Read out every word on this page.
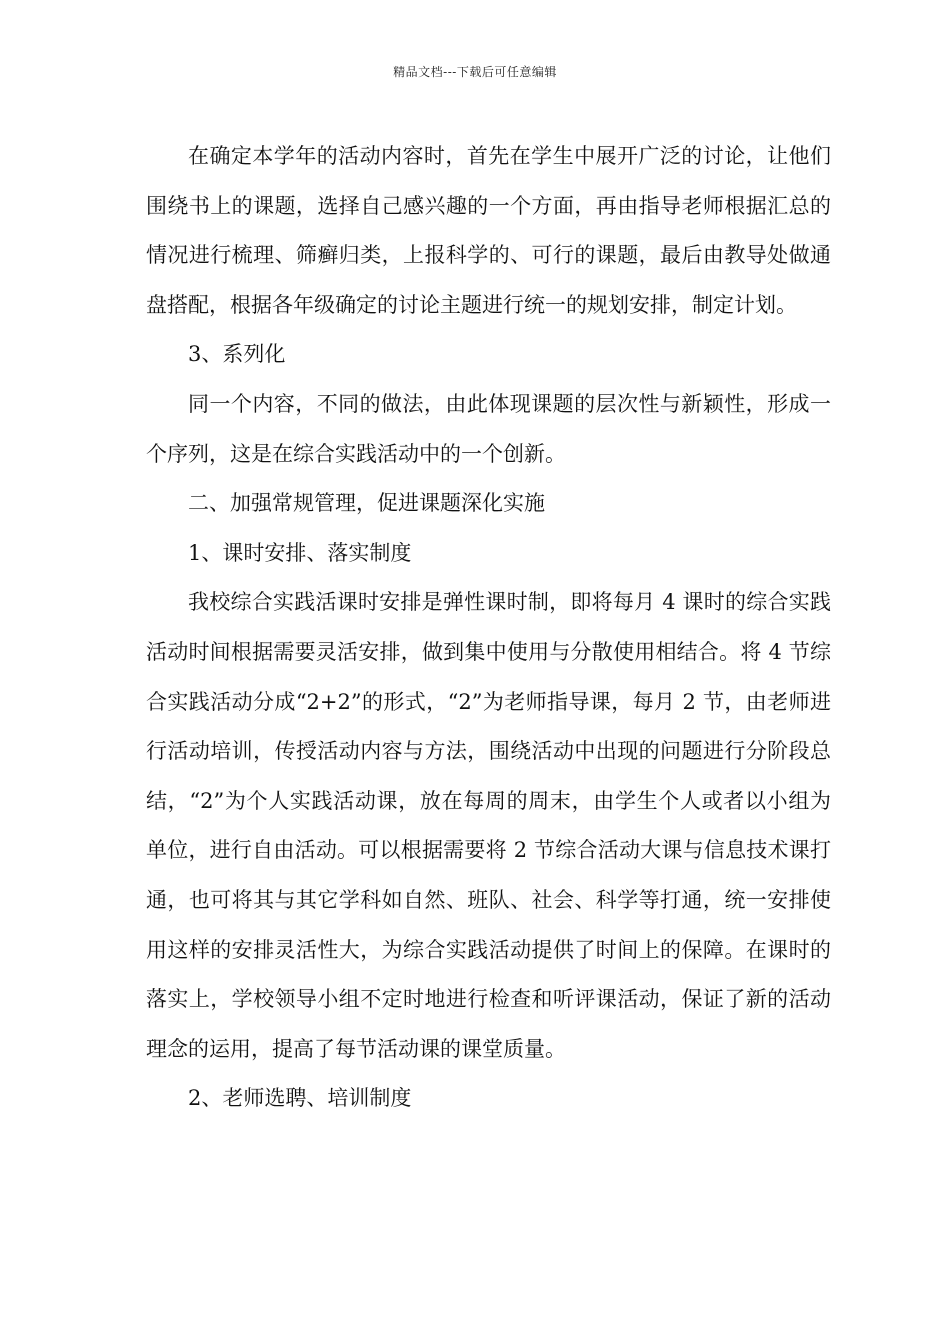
精品文档---下载后可任意编辑

在确定本学年的活动内容时，首先在学生中展开广泛的讨论，让他们围绕书上的课题，选择自己感兴趣的一个方面，再由指导老师根据汇总的情况进行梳理、筛癣归类，上报科学的、可行的课题，最后由教导处做通盘搭配，根据各年级确定的讨论主题进行统一的规划安排，制定计划。

3、系列化

同一个内容，不同的做法，由此体现课题的层次性与新颖性，形成一个序列，这是在综合实践活动中的一个创新。

二、加强常规管理，促进课题深化实施

1、课时安排、落实制度

我校综合实践活课时安排是弹性课时制，即将每月 4 课时的综合实践活动时间根据需要灵活安排，做到集中使用与分散使用相结合。将 4 节综合实践活动分成“2+2”的形式，“2”为老师指导课，每月 2 节，由老师进行活动培训，传授活动内容与方法，围绕活动中出现的问题进行分阶段总结，“2”为个人实践活动课，放在每周的周末，由学生个人或者以小组为单位，进行自由活动。可以根据需要将 2 节综合活动大课与信息技术课打通，也可将其与其它学科如自然、班队、社会、科学等打通，统一安排使用这样的安排灵活性大，为综合实践活动提供了时间上的保障。在课时的落实上，学校领导小组不定时地进行检查和听评课活动，保证了新的活动理念的运用，提高了每节活动课的课堂质量。

2、老师选聘、培训制度
